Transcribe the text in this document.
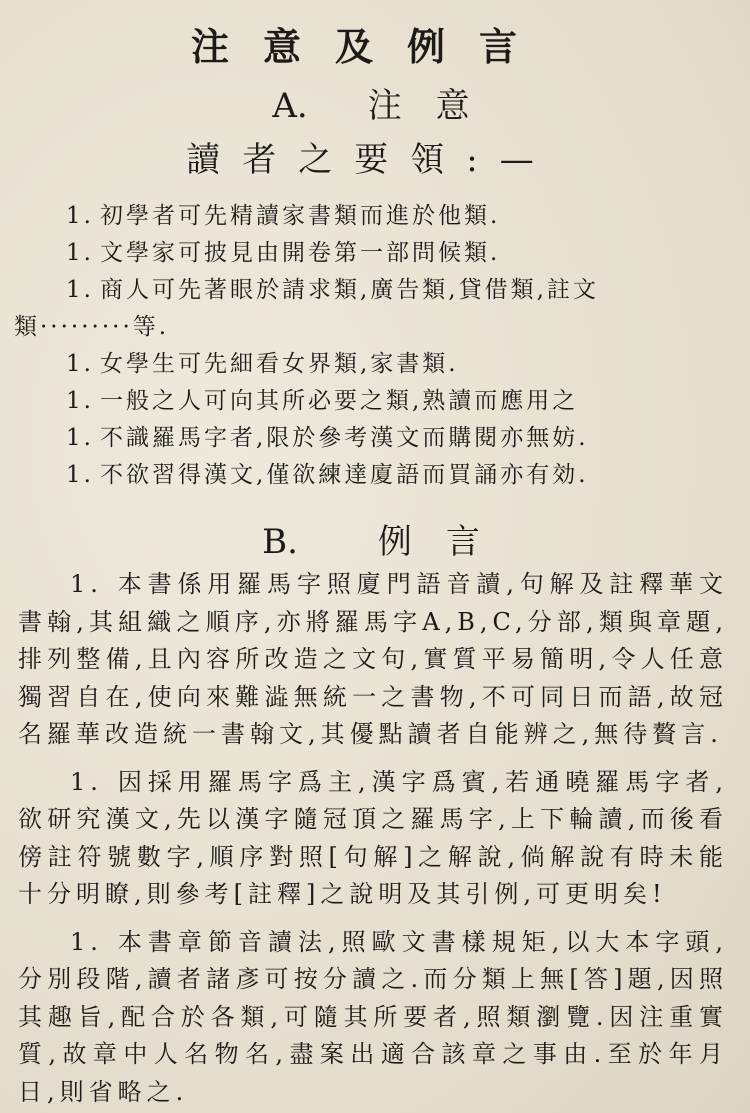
注意及例言
A. 注　意
讀者之要領:—
1. 初學者可先精讀家書類而進於他類.
1. 文學家可披見由開卷第一部問候類.
1. 商人可先著眼於請求類,廣告類,貸借類,註文
類·········等.
1. 女學生可先細看女界類,家書類.
1. 一般之人可向其所必要之類,熟讀而應用之
1. 不識羅馬字者,限於參考漢文而購閱亦無妨.
1. 不欲習得漢文,僅欲練達廈語而買誦亦有効.
B. 例　言
1. 本書係用羅馬字照廈門語音讀,句解及註釋華文書翰,其組織之順序,亦將羅馬字A,B,C,分部,類與章題,排列整備,且內容所改造之文句,實質平易簡明,令人任意獨習自在,使向來難澁無統一之書物,不可同日而語,故冠名羅華改造統一書翰文,其優點讀者自能辨之,無待贅言.
1. 因採用羅馬字爲主,漢字爲賓,若通曉羅馬字者,欲研究漢文,先以漢字隨冠頂之羅馬字,上下輪讀,而後看傍註符號數字,順序對照[句解]之解說,倘解說有時未能十分明瞭,則參考[註釋]之說明及其引例,可更明矣!
1. 本書章節音讀法,照歐文書樣規矩,以大本字頭,分別段階,讀者諸彥可按分讀之.而分類上無[答]題,因照其趣旨,配合於各類,可隨其所要者,照類瀏覽.因注重實質,故章中人名物名,盡案出適合該章之事由.至於年月日,則省略之.
